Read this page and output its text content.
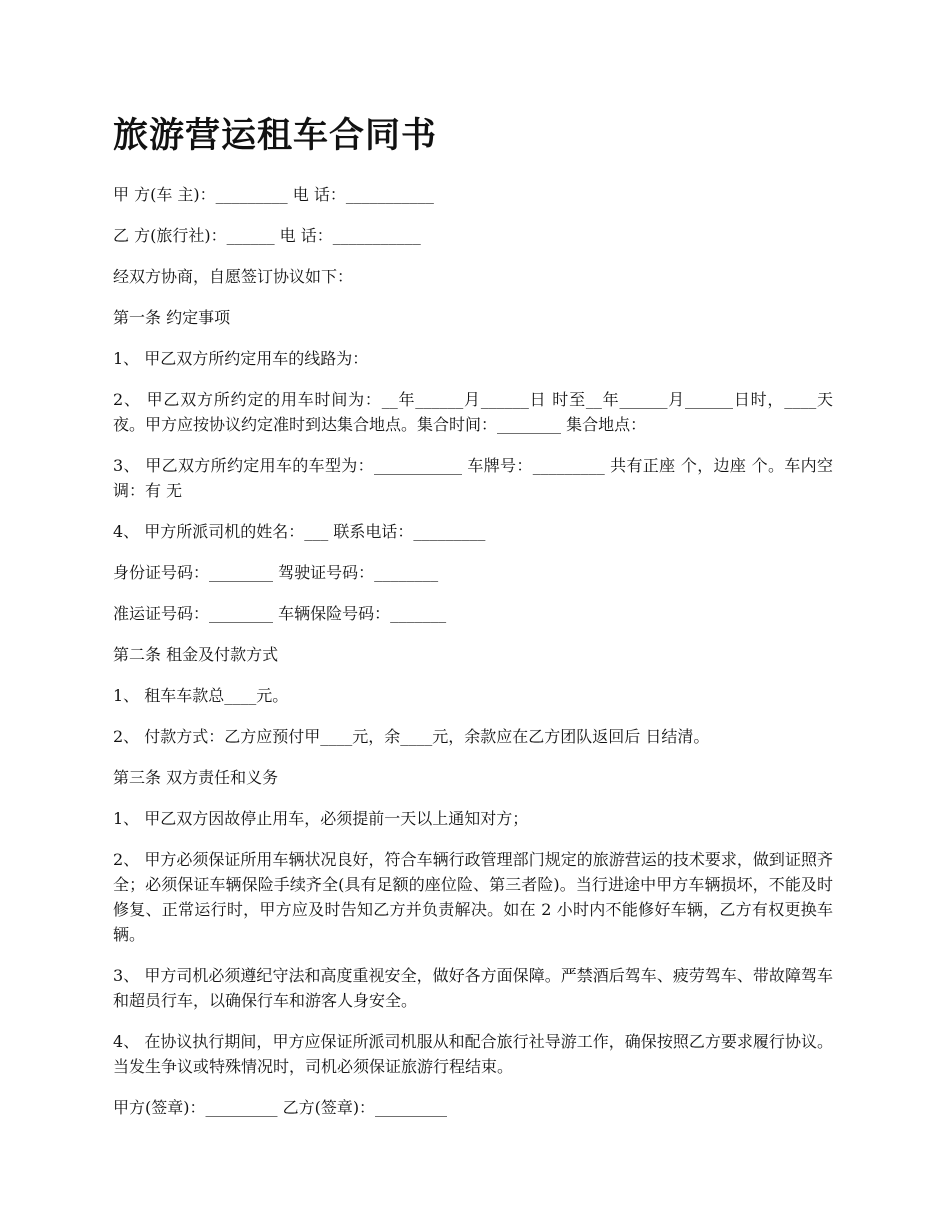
旅游营运租车合同书

甲 方(车 主)：_________ 电 话：___________

乙 方(旅行社)：______ 电 话：___________

经双方协商，自愿签订协议如下：

第一条 约定事项

1、 甲乙双方所约定用车的线路为：

2、 甲乙双方所约定的用车时间为：__年______月______日 时至__年______月______日时，____天 夜。甲方应按协议约定准时到达集合地点。集合时间：________ 集合地点：

3、 甲乙双方所约定用车的车型为：___________ 车牌号：_________ 共有正座 个，边座 个。车内空调：有 无

4、 甲方所派司机的姓名：___ 联系电话：_________

身份证号码：________ 驾驶证号码：________

准运证号码：________ 车辆保险号码：_______

第二条 租金及付款方式

1、 租车车款总____元。

2、 付款方式：乙方应预付甲____元，余____元，余款应在乙方团队返回后 日结清。

第三条 双方责任和义务

1、 甲乙双方因故停止用车，必须提前一天以上通知对方；

2、 甲方必须保证所用车辆状况良好，符合车辆行政管理部门规定的旅游营运的技术要求，做到证照齐全；必须保证车辆保险手续齐全(具有足额的座位险、第三者险)。当行进途中甲方车辆损坏，不能及时修复、正常运行时，甲方应及时告知乙方并负责解决。如在 2 小时内不能修好车辆，乙方有权更换车辆。

3、 甲方司机必须遵纪守法和高度重视安全，做好各方面保障。严禁酒后驾车、疲劳驾车、带故障驾车和超员行车，以确保行车和游客人身安全。

4、 在协议执行期间，甲方应保证所派司机服从和配合旅行社导游工作，确保按照乙方要求履行协议。当发生争议或特殊情况时，司机必须保证旅游行程结束。

甲方(签章)：_________ 乙方(签章)：_________
